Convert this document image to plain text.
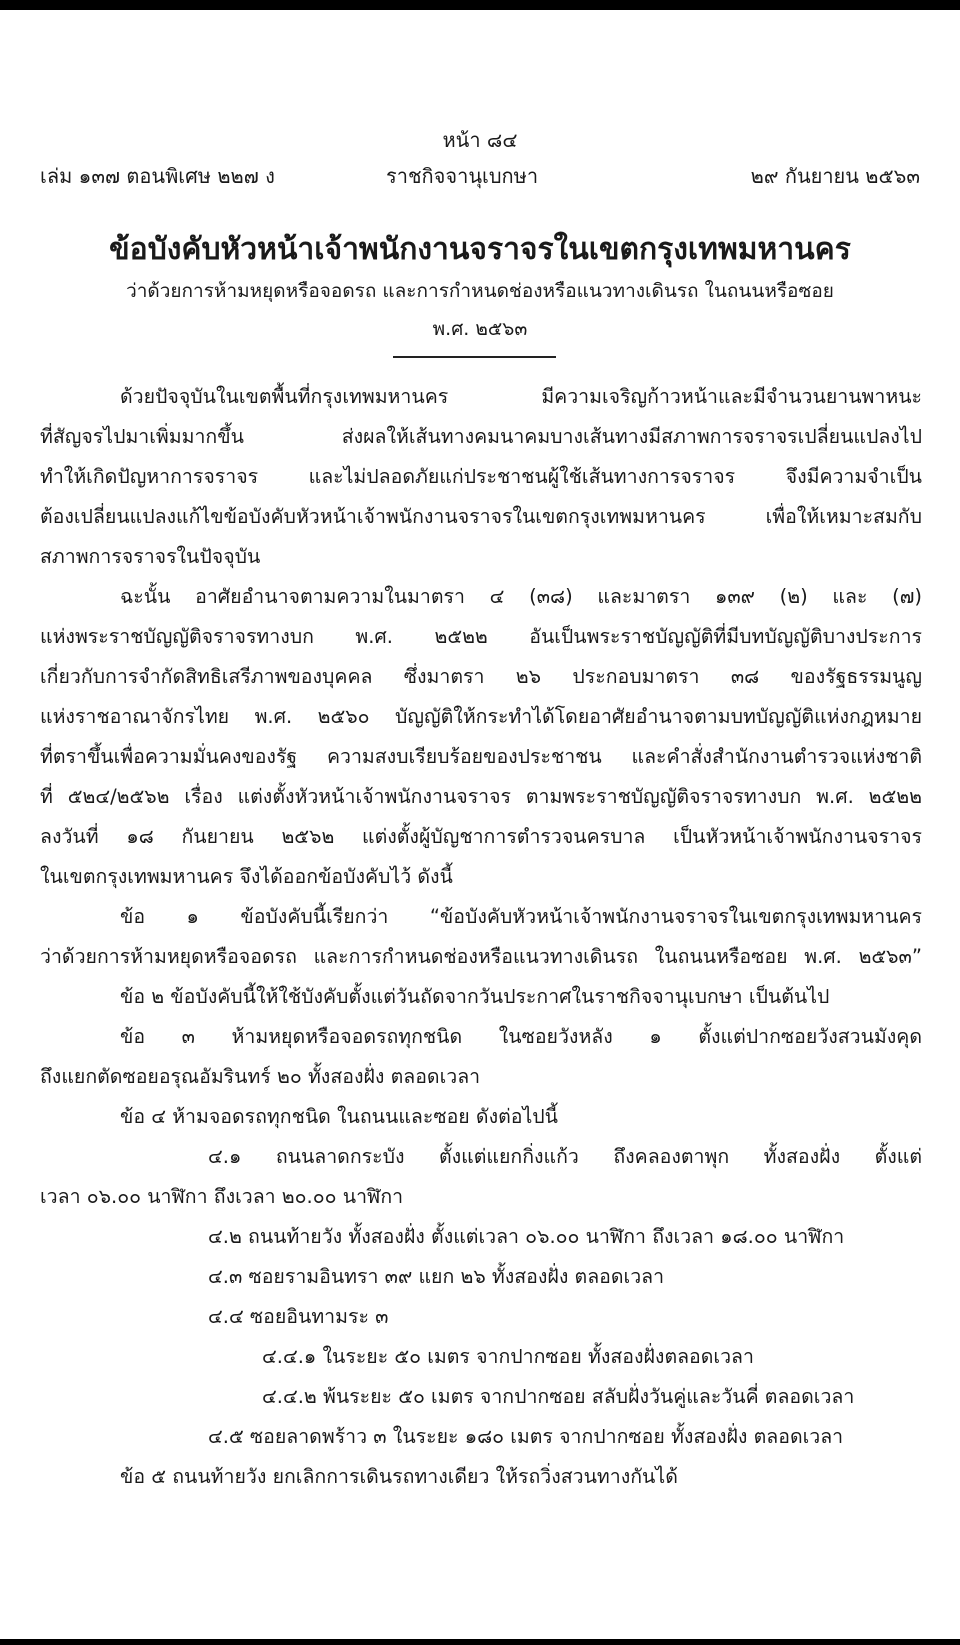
หน้า ๘๔
เล่ม ๑๓๗ ตอนพิเศษ ๒๒๗ ง	ราชกิจจานุเบกษา	๒๙ กันยายน ๒๕๖๓
ข้อบังคับหัวหน้าเจ้าพนักงานจราจรในเขตกรุงเทพมหานคร
ว่าด้วยการห้ามหยุดหรือจอดรถ และการกำหนดช่องหรือแนวทางเดินรถ ในถนนหรือซอย
พ.ศ. ๒๕๖๓
ด้วยปัจจุบันในเขตพื้นที่กรุงเทพมหานคร มีความเจริญก้าวหน้าและมีจำนวนยานพาหนะ
ที่สัญจรไปมาเพิ่มมากขึ้น ส่งผลให้เส้นทางคมนาคมบางเส้นทางมีสภาพการจราจรเปลี่ยนแปลงไป
ทำให้เกิดปัญหาการจราจร และไม่ปลอดภัยแก่ประชาชนผู้ใช้เส้นทางการจราจร จึงมีความจำเป็น
ต้องเปลี่ยนแปลงแก้ไขข้อบังคับหัวหน้าเจ้าพนักงานจราจรในเขตกรุงเทพมหานคร เพื่อให้เหมาะสมกับ
สภาพการจราจรในปัจจุบัน
ฉะนั้น อาศัยอำนาจตามความในมาตรา ๔ (๓๘) และมาตรา ๑๓๙ (๒) และ (๗)
แห่งพระราชบัญญัติจราจรทางบก พ.ศ. ๒๕๒๒ อันเป็นพระราชบัญญัติที่มีบทบัญญัติบางประการ
เกี่ยวกับการจำกัดสิทธิเสรีภาพของบุคคล ซึ่งมาตรา ๒๖ ประกอบมาตรา ๓๘ ของรัฐธรรมนูญ
แห่งราชอาณาจักรไทย พ.ศ. ๒๕๖๐ บัญญัติให้กระทำได้โดยอาศัยอำนาจตามบทบัญญัติแห่งกฎหมาย
ที่ตราขึ้นเพื่อความมั่นคงของรัฐ ความสงบเรียบร้อยของประชาชน และคำสั่งสำนักงานตำรวจแห่งชาติ
ที่ ๕๒๔/๒๕๖๒ เรื่อง แต่งตั้งหัวหน้าเจ้าพนักงานจราจร ตามพระราชบัญญัติจราจรทางบก พ.ศ. ๒๕๒๒
ลงวันที่ ๑๘ กันยายน ๒๕๖๒ แต่งตั้งผู้บัญชาการตำรวจนครบาล เป็นหัวหน้าเจ้าพนักงานจราจร
ในเขตกรุงเทพมหานคร จึงได้ออกข้อบังคับไว้ ดังนี้
ข้อ ๑ ข้อบังคับนี้เรียกว่า “ข้อบังคับหัวหน้าเจ้าพนักงานจราจรในเขตกรุงเทพมหานคร
ว่าด้วยการห้ามหยุดหรือจอดรถ และการกำหนดช่องหรือแนวทางเดินรถ ในถนนหรือซอย พ.ศ. ๒๕๖๓”
ข้อ ๒ ข้อบังคับนี้ให้ใช้บังคับตั้งแต่วันถัดจากวันประกาศในราชกิจจานุเบกษา เป็นต้นไป
ข้อ ๓ ห้ามหยุดหรือจอดรถทุกชนิด ในซอยวังหลัง ๑ ตั้งแต่ปากซอยวังสวนมังคุด
ถึงแยกตัดซอยอรุณอัมรินทร์ ๒๐ ทั้งสองฝั่ง ตลอดเวลา
ข้อ ๔ ห้ามจอดรถทุกชนิด ในถนนและซอย ดังต่อไปนี้
๔.๑ ถนนลาดกระบัง ตั้งแต่แยกกิ่งแก้ว ถึงคลองตาพุก ทั้งสองฝั่ง ตั้งแต่
เวลา ๐๖.๐๐ นาฬิกา ถึงเวลา ๒๐.๐๐ นาฬิกา
๔.๒ ถนนท้ายวัง ทั้งสองฝั่ง ตั้งแต่เวลา ๐๖.๐๐ นาฬิกา ถึงเวลา ๑๘.๐๐ นาฬิกา
๔.๓ ซอยรามอินทรา ๓๙ แยก ๒๖ ทั้งสองฝั่ง ตลอดเวลา
๔.๔ ซอยอินทามระ ๓
๔.๔.๑ ในระยะ ๕๐ เมตร จากปากซอย ทั้งสองฝั่งตลอดเวลา
๔.๔.๒ พ้นระยะ ๕๐ เมตร จากปากซอย สลับฝั่งวันคู่และวันคี่ ตลอดเวลา
๔.๕ ซอยลาดพร้าว ๓ ในระยะ ๑๘๐ เมตร จากปากซอย ทั้งสองฝั่ง ตลอดเวลา
ข้อ ๕ ถนนท้ายวัง ยกเลิกการเดินรถทางเดียว ให้รถวิ่งสวนทางกันได้
